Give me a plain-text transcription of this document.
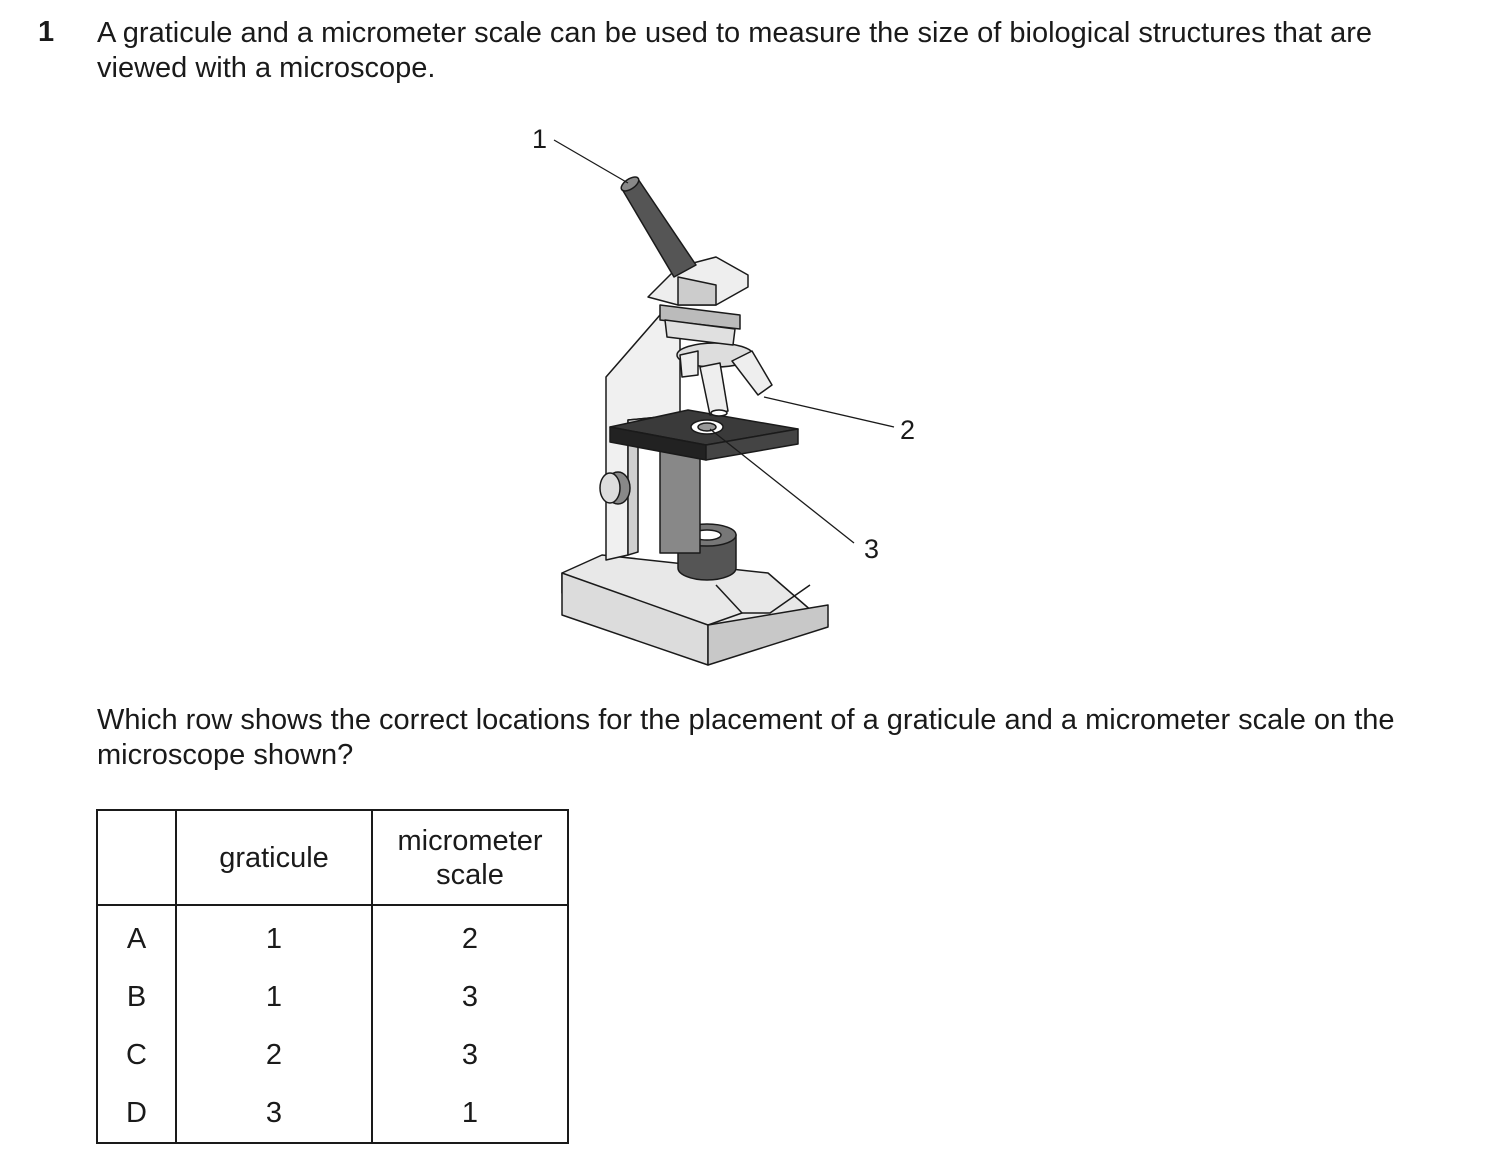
1 A graticule and a micrometer scale can be used to measure the size of biological structures that are viewed with a microscope.
1
2
3
Which row shows the correct locations for the placement of a graticule and a micrometer scale on the microscope shown?
	graticule	micrometer
scale

A	1	2
B	1	3
C	2	3
D	3	1
